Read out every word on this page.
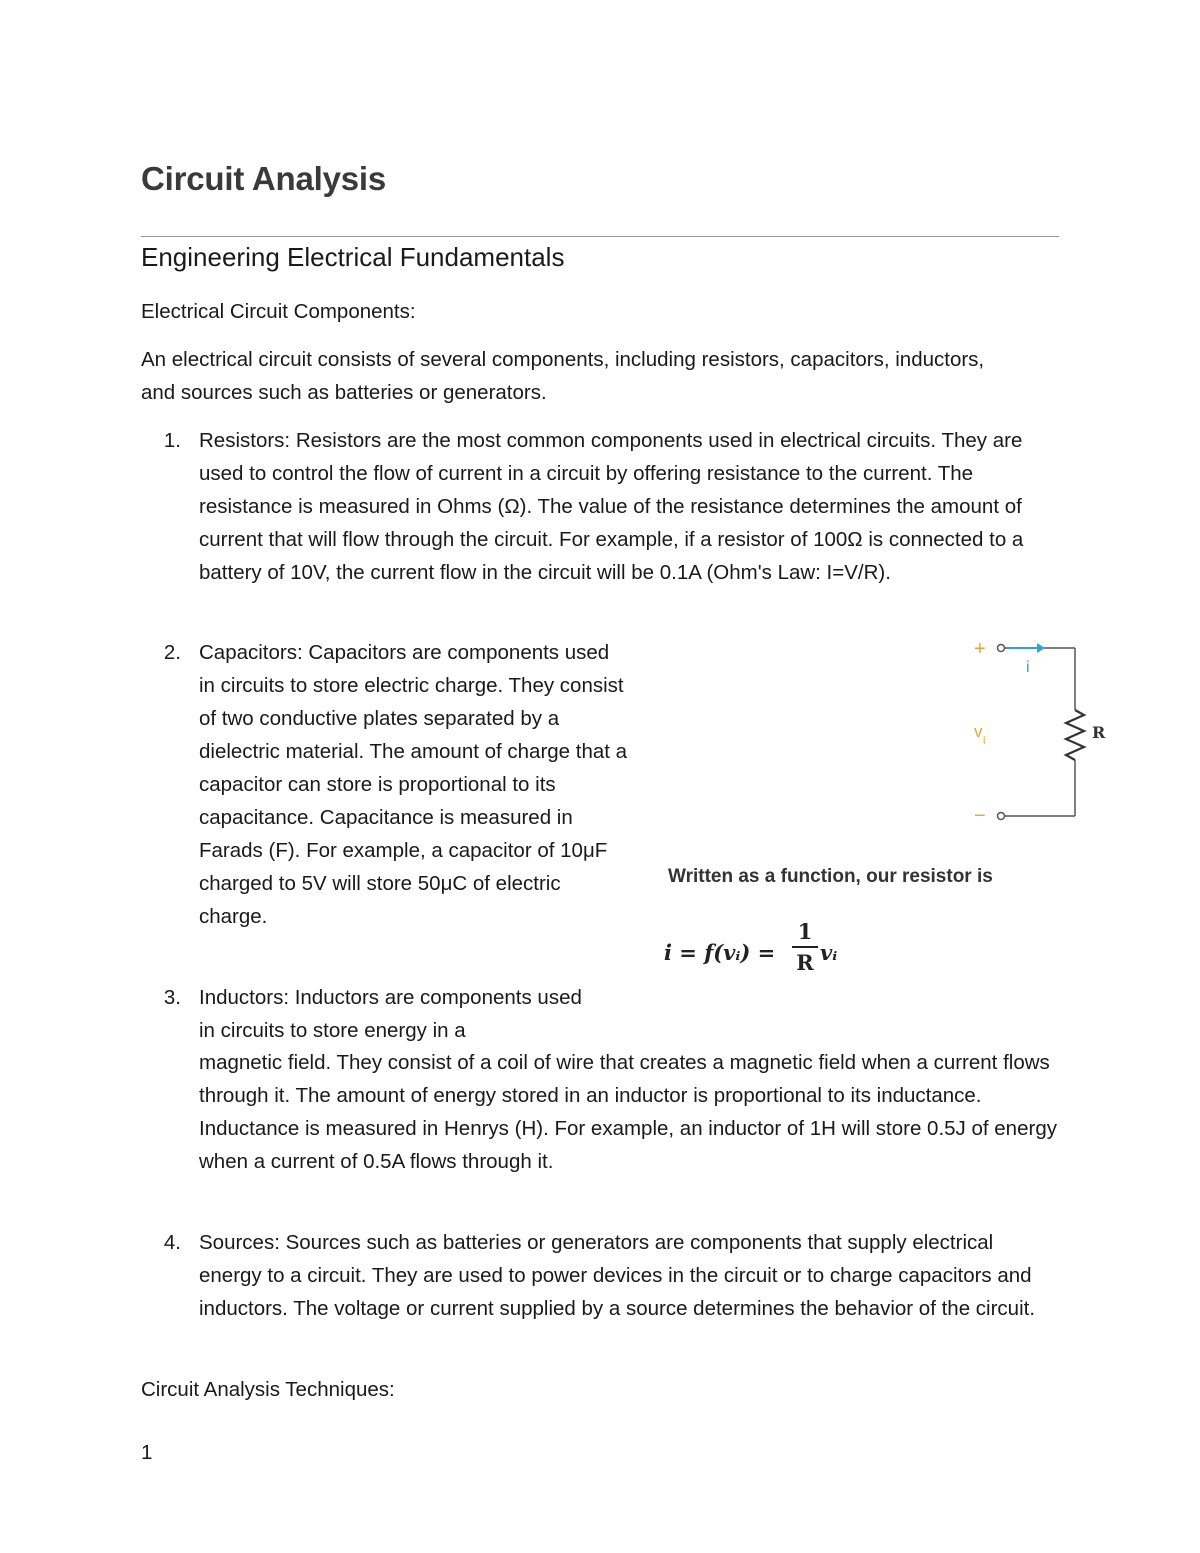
Circuit Analysis
Engineering Electrical Fundamentals

Electrical Circuit Components:

An electrical circuit consists of several components, including resistors, capacitors, inductors, and sources such as batteries or generators.

1. Resistors: Resistors are the most common components used in electrical circuits. They are used to control the flow of current in a circuit by offering resistance to the current. The resistance is measured in Ohms (Ω). The value of the resistance determines the amount of current that will flow through the circuit. For example, if a resistor of 100Ω is connected to a battery of 10V, the current flow in the circuit will be 0.1A (Ohm's Law: I=V/R).
2. Capacitors: Capacitors are components used in circuits to store electric charge. They consist of two conductive plates separated by a dielectric material. The amount of charge that a capacitor can store is proportional to its capacitance. Capacitance is measured in Farads (F). For example, a capacitor of 10μF charged to 5V will store 50μC of electric charge.
3. Inductors: Inductors are components used in circuits to store energy in a

magnetic field. They consist of a coil of wire that creates a magnetic field when a current flows through it. The amount of energy stored in an inductor is proportional to its inductance. Inductance is measured in Henrys (H). For example, an inductor of 1H will store 0.5J of energy when a current of 0.5A flows through it.

4. Sources: Sources such as batteries or generators are components that supply electrical energy to a circuit. They are used to power devices in the circuit or to charge capacitors and inductors. The voltage or current supplied by a source determines the behavior of the circuit.

Circuit Analysis Techniques:

+
i
−
v i	R

Written as a function, our resistor is

i = f(vᵢ) =
1
R vᵢ

1
